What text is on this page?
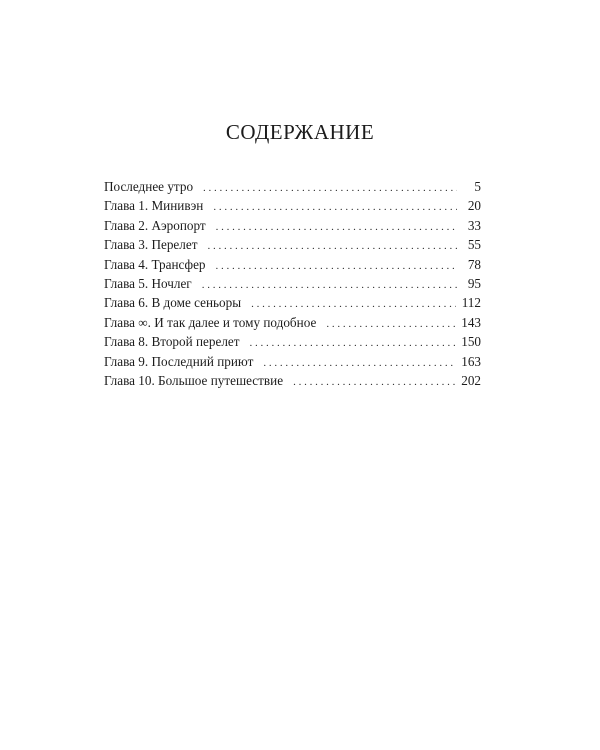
СОДЕРЖАНИЕ
Последнее утро . . .	5
Глава 1. Минивэн . . .	20
Глава 2. Аэропорт . . .	33
Глава 3. Перелет . . .	55
Глава 4. Трансфер . . .	78
Глава 5. Ночлег . . .	95
Глава 6. В доме сеньоры . . .	112
Глава ∞. И так далее и тому подобное . . .	143
Глава 8. Второй перелет . . .	150
Глава 9. Последний приют . . .	163
Глава 10. Большое путешествие . . .	202
